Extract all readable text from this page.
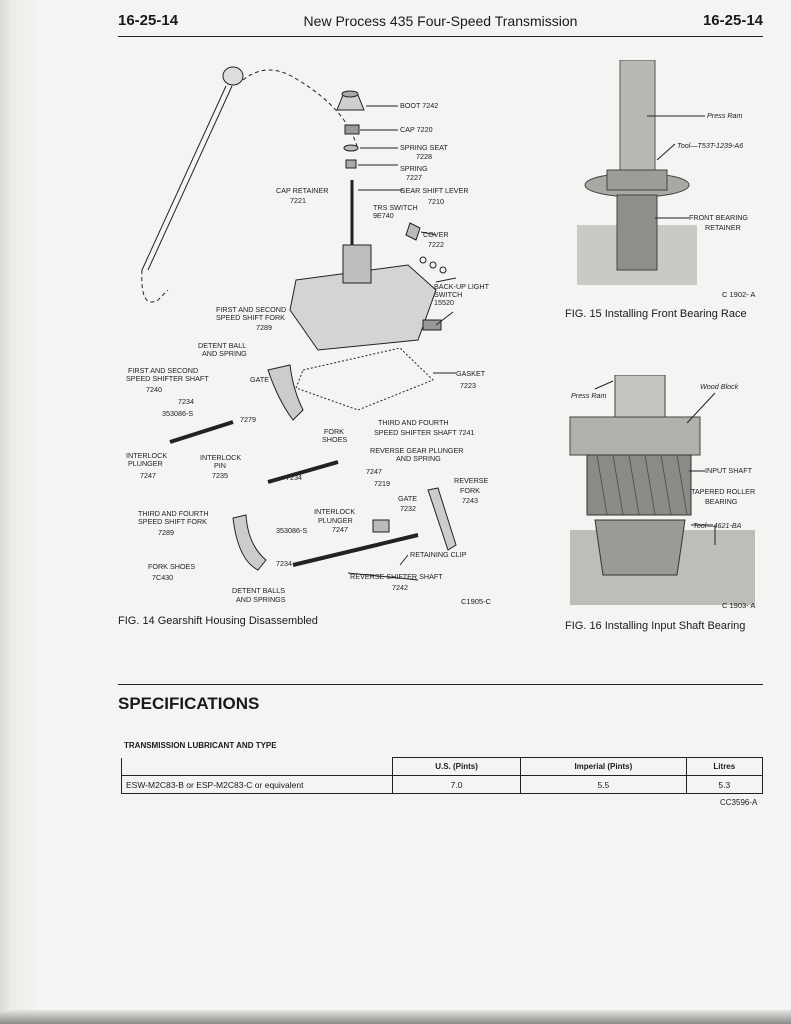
16-25-14	New Process 435 Four-Speed Transmission	16-25-14
BOOT 7242
CAP 7220
SPRING SEAT
7228
SPRING
7227
GEAR SHIFT LEVER
7210
CAP RETAINER
7221
TRS SWITCH
9E740
COVER
7222
BACK-UP LIGHT
SWITCH
15520
FIRST AND SECOND
SPEED SHIFT FORK
7289
DETENT BALL
AND SPRING
FIRST AND SECOND
SPEED SHIFTER SHAFT
7240
7234
353086-S
GATE
7279
GASKET
7223
THIRD AND FOURTH
SPEED SHIFTER SHAFT 7241
FORK
SHOES
REVERSE GEAR PLUNGER
AND SPRING
INTERLOCK
PLUNGER
7247
INTERLOCK
PIN
7235	7234
7247
7219	REVERSE
FORK
7243
GATE
7232
INTERLOCK
PLUNGER
7247
THIRD AND FOURTH
SPEED SHIFT FORK
7289	353086-S
RETAINING CLIP
FORK SHOES
7C430
7234
REVERSE SHIFTER SHAFT
7242
DETENT BALLS
AND SPRINGS	C1905-C
FIG. 14 Gearshift Housing Disassembled
Press Ram
Tool—T53T-1239-A6
FRONT BEARING
RETAINER
C 1902- A
FIG. 15 Installing Front Bearing Race
Press Ram
Wood Block
Tool—4621-BA
INPUT SHAFT
TAPERED ROLLER
BEARING
C 1903- A
FIG. 16 Installing Input Shaft Bearing
SPECIFICATIONS
TRANSMISSION LUBRICANT AND TYPE
	U.S. (Pints)	Imperial (Pints)	Litres
ESW-M2C83-B or ESP-M2C83-C or equivalent	7.0	5.5	5.3
CC3596-A
